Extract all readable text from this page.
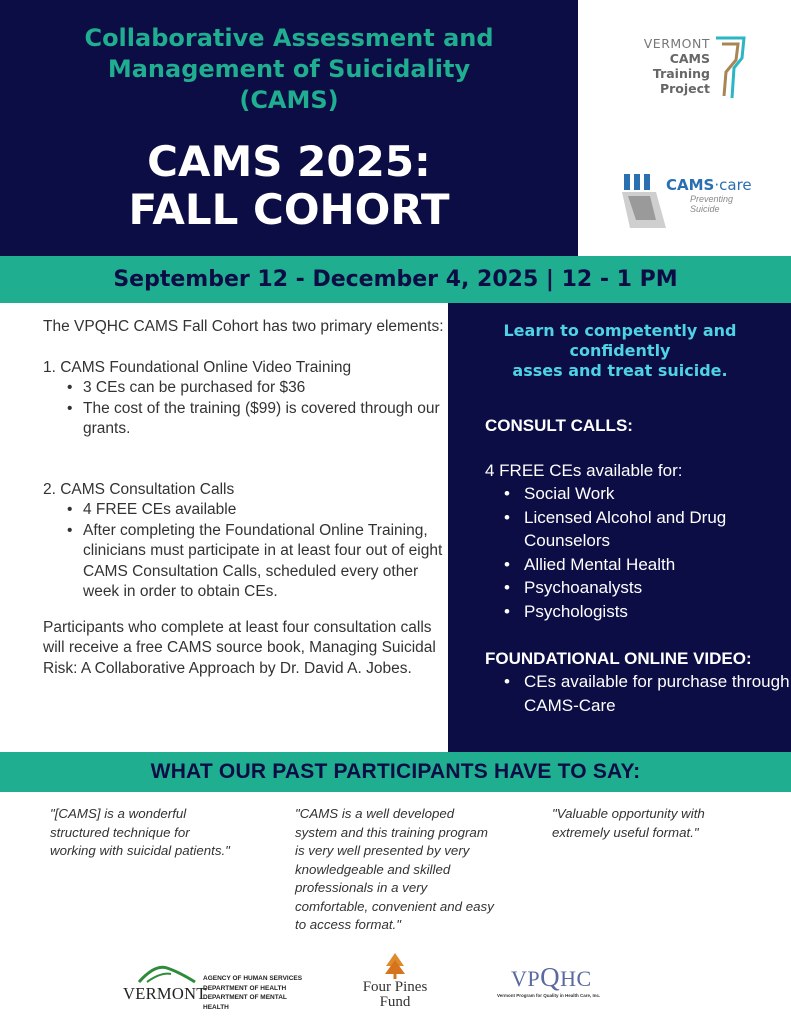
Collaborative Assessment and
Management of Suicidality
(CAMS)
CAMS 2025:
FALL COHORT
VERMONT
CAMS
Training
Project
CAMS·care
Preventing Suicide
September 12 - December 4, 2025 | 12 - 1 PM

The VPQHC CAMS Fall Cohort has two primary elements:

1. CAMS Foundational Online Video Training

• 3 CEs can be purchased for $36
• The cost of the training ($99) is covered through our grants.

2. CAMS Consultation Calls

• 4 FREE CEs available
• After completing the Foundational Online Training, clinicians must participate in at least four out of eight CAMS Consultation Calls, scheduled every other week in order to obtain CEs.

Participants who complete at least four consultation calls will receive a free CAMS source book, Managing Suicidal Risk: A Collaborative Approach by Dr. David A. Jobes.

Learn to competently and
confidently
asses and treat suicide.
CONSULT CALLS:
4 FREE CEs available for:
• Social Work
• Licensed Alcohol and Drug Counselors
• Allied Mental Health
• Psychoanalysts
• Psychologists
FOUNDATIONAL ONLINE VIDEO:
• CEs available for purchase through CAMS-Care
WHAT OUR PAST PARTICIPANTS HAVE TO SAY:
"[CAMS] is a wonderful structured technique for working with suicidal patients."
"CAMS is a well developed system and this training program is very well presented by very knowledgeable and skilled professionals in a very comfortable, convenient and easy to access format."
"Valuable opportunity with extremely useful format."
VERMONT
AGENCY OF HUMAN SERVICES
DEPARTMENT OF HEALTH
DEPARTMENT OF MENTAL HEALTH
Four Pines
Fund
VPQHC
Vermont Program for Quality in Health Care, Inc.
